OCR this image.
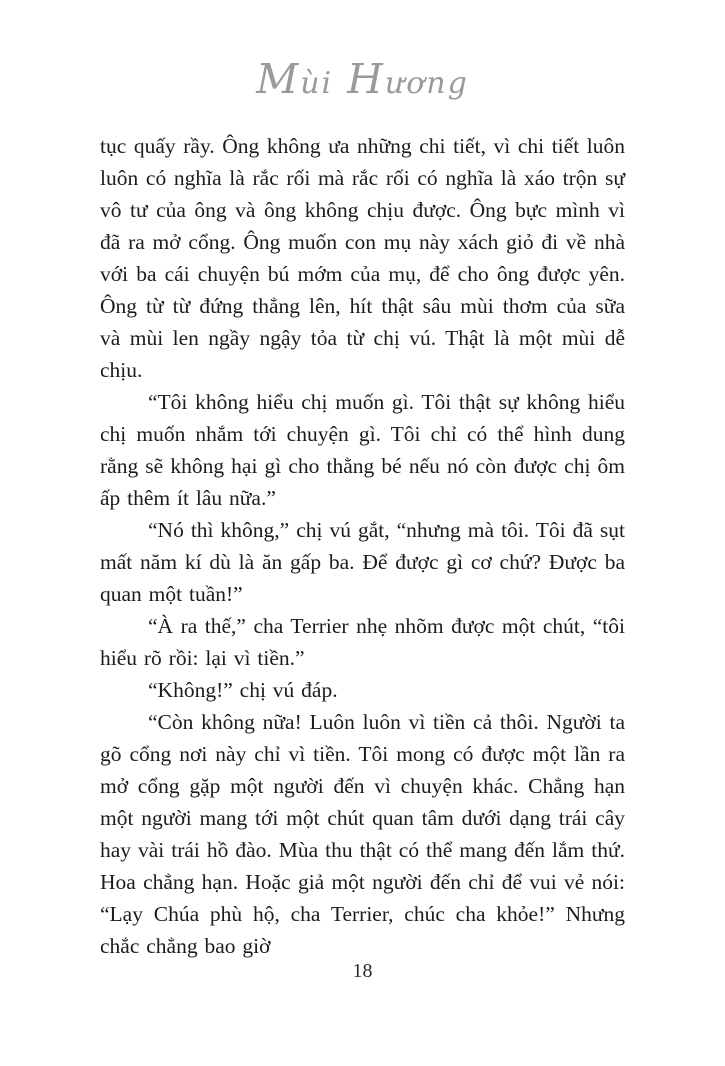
Mùi Hương

tục quấy rầy. Ông không ưa những chi tiết, vì chi tiết luôn luôn có nghĩa là rắc rối mà rắc rối có nghĩa là xáo trộn sự vô tư của ông và ông không chịu được. Ông bực mình vì đã ra mở cổng. Ông muốn con mụ này xách giỏ đi về nhà với ba cái chuyện bú mớm của mụ, để cho ông được yên. Ông từ từ đứng thẳng lên, hít thật sâu mùi thơm của sữa và mùi len ngầy ngậy tỏa từ chị vú. Thật là một mùi dễ chịu.

“Tôi không hiểu chị muốn gì. Tôi thật sự không hiểu chị muốn nhắm tới chuyện gì. Tôi chỉ có thể hình dung rằng sẽ không hại gì cho thằng bé nếu nó còn được chị ôm ấp thêm ít lâu nữa.”

“Nó thì không,” chị vú gắt, “nhưng mà tôi. Tôi đã sụt mất năm kí dù là ăn gấp ba. Để được gì cơ chứ? Được ba quan một tuần!”

“À ra thế,” cha Terrier nhẹ nhõm được một chút, “tôi hiểu rõ rồi: lại vì tiền.”

“Không!” chị vú đáp.

“Còn không nữa! Luôn luôn vì tiền cả thôi. Người ta gõ cổng nơi này chỉ vì tiền. Tôi mong có được một lần ra mở cổng gặp một người đến vì chuyện khác. Chẳng hạn một người mang tới một chút quan tâm dưới dạng trái cây hay vài trái hồ đào. Mùa thu thật có thể mang đến lắm thứ. Hoa chẳng hạn. Hoặc giả một người đến chỉ để vui vẻ nói: “Lạy Chúa phù hộ, cha Terrier, chúc cha khỏe!” Nhưng chắc chẳng bao giờ

18
